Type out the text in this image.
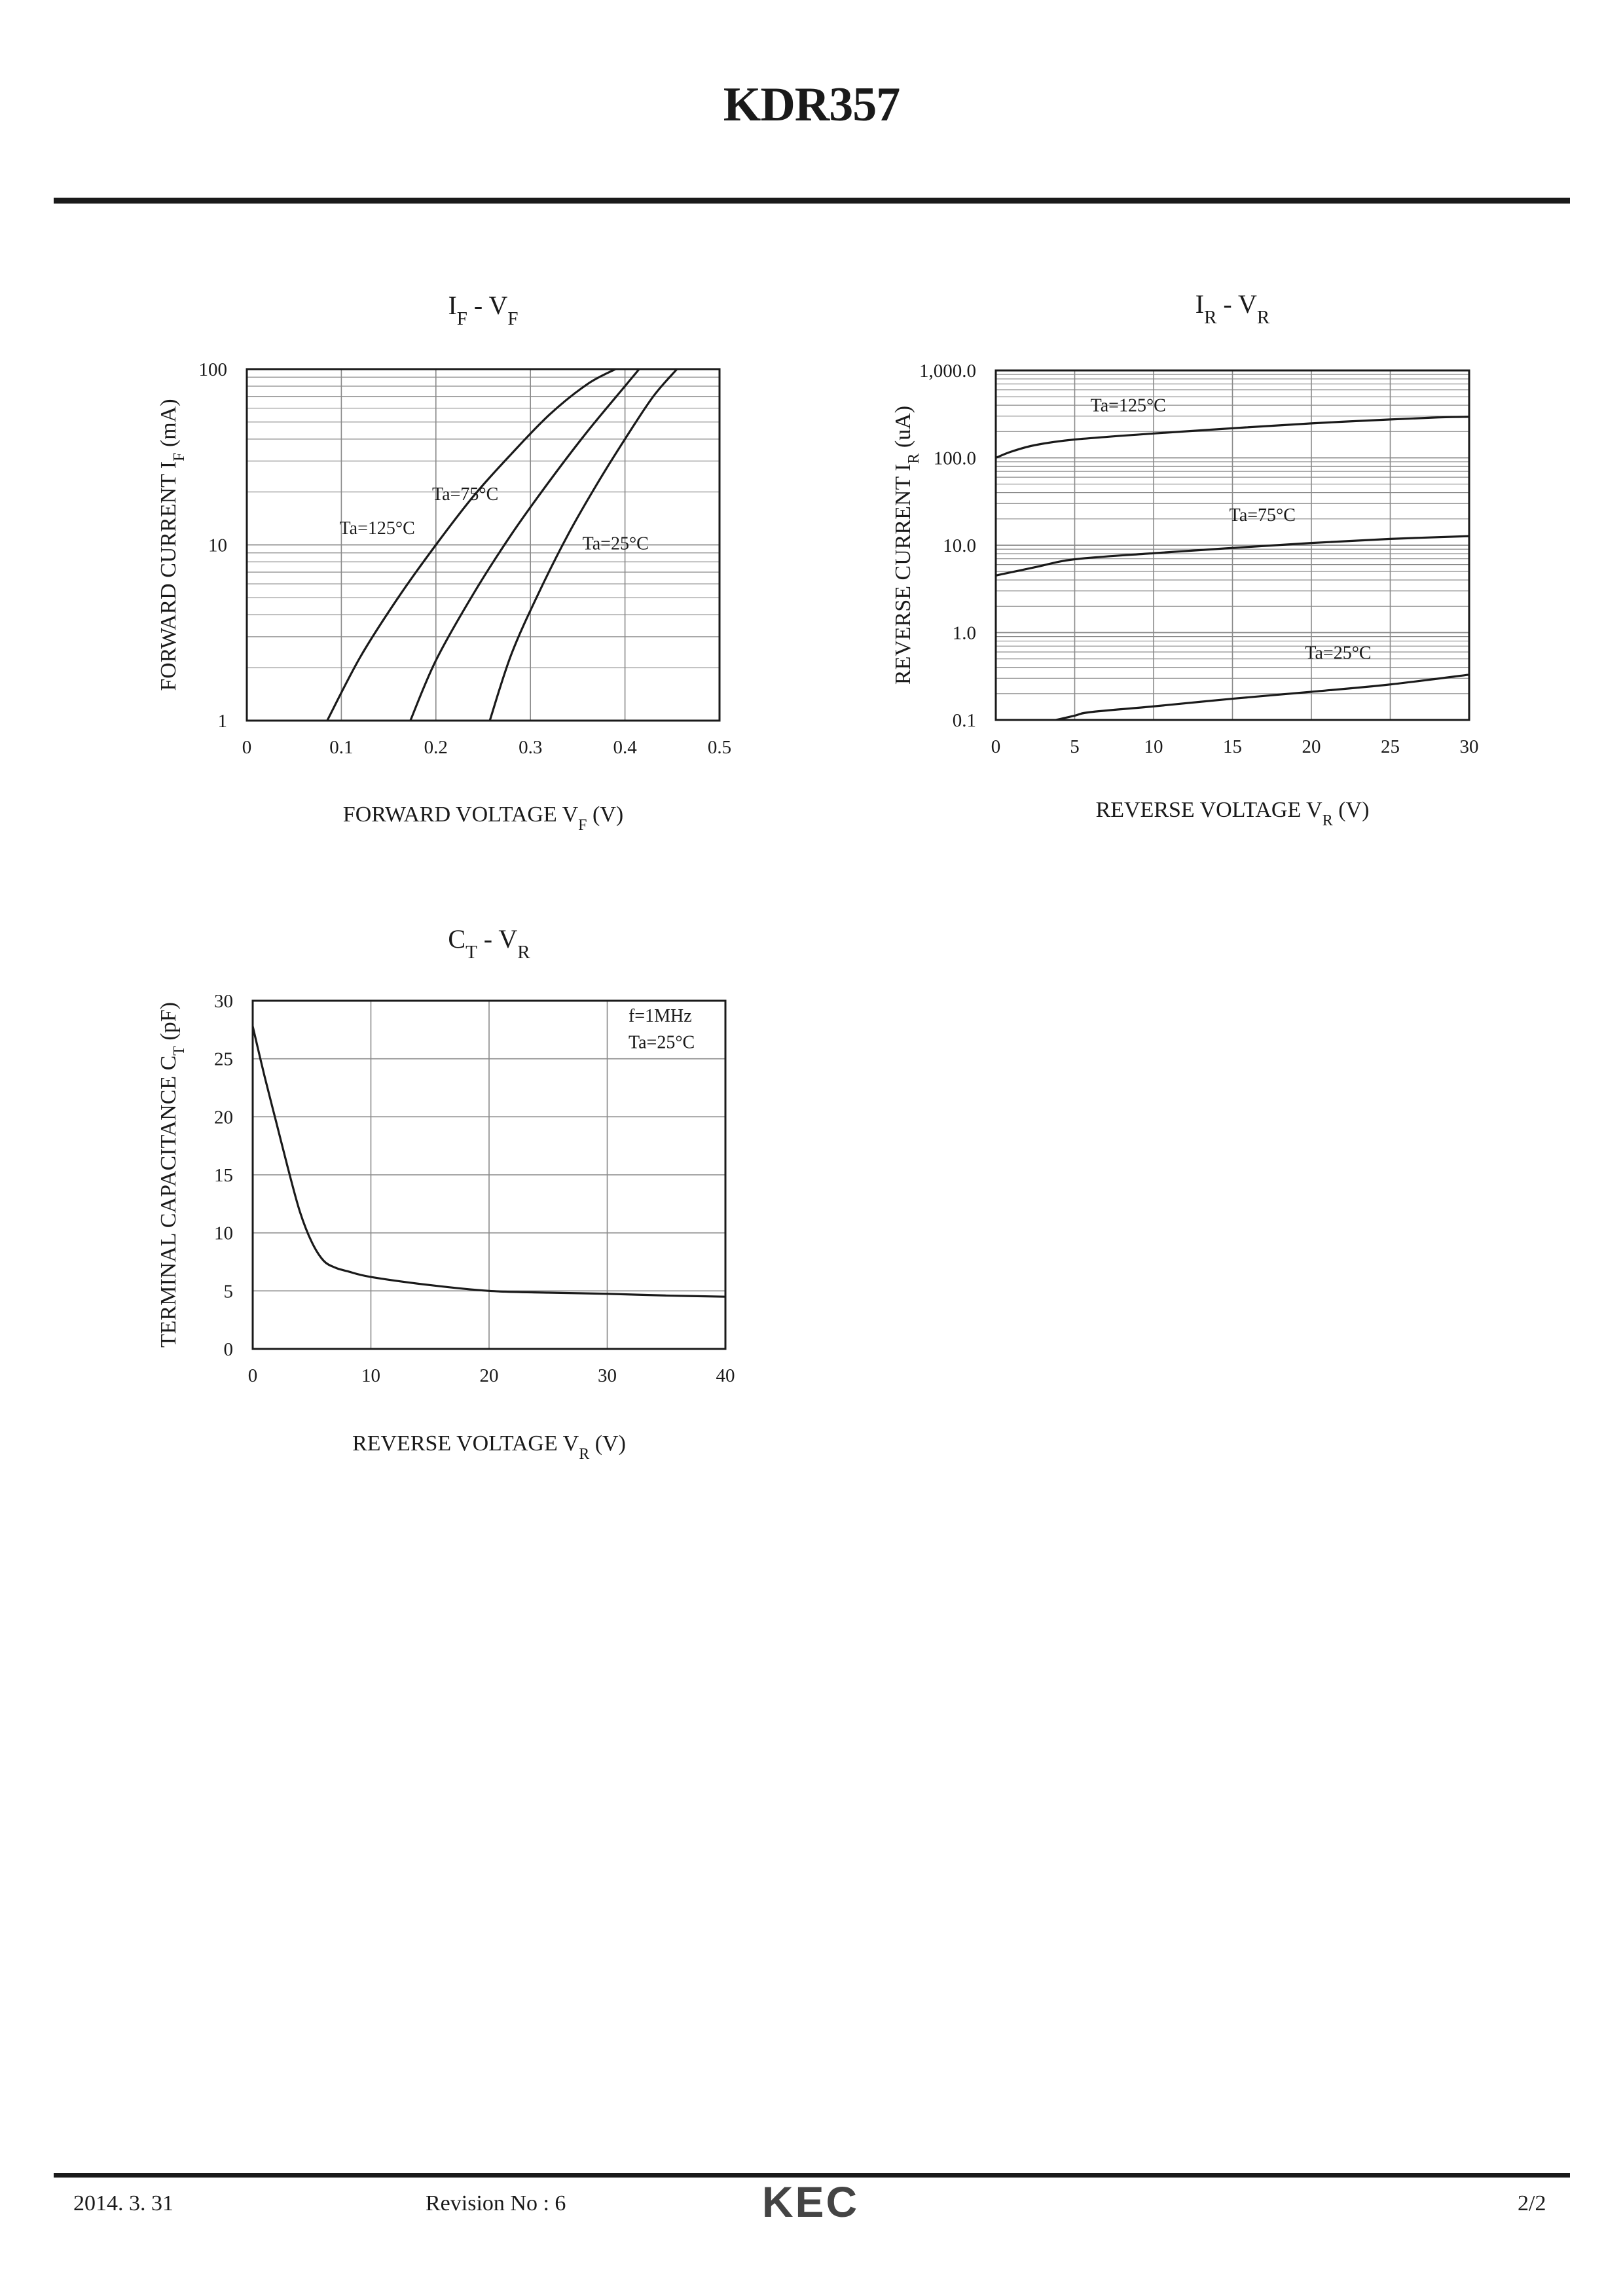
KDR357
0	0.1	0.2	0.3	0.4	0.5
1
10
100
$I_F - V_F$
FORWARD VOLTAGE $V_F$ (V)
FORWARD CURRENT $I_F$ (mA)
Ta=125°C
Ta=75°C
Ta=25°C
0	5	10	15	20	25	30
0.1
1.0
10.0
100.0
1,000.0
$I_R - V_R$
REVERSE VOLTAGE $V_R$ (V)
REVERSE CURRENT $I_R$ (uA)	Ta=125°C
Ta=75°C
Ta=25°C
0	10	20	30	40
0
5
10
15
20
25
30
$C_T - V_R$
REVERSE VOLTAGE $V_R$ (V)
TERMINAL CAPACITANCE $C_T$ (pF)	f=1MHz
Ta=25°C
2014. 3. 31	Revision No : 6	KEC	2/2
